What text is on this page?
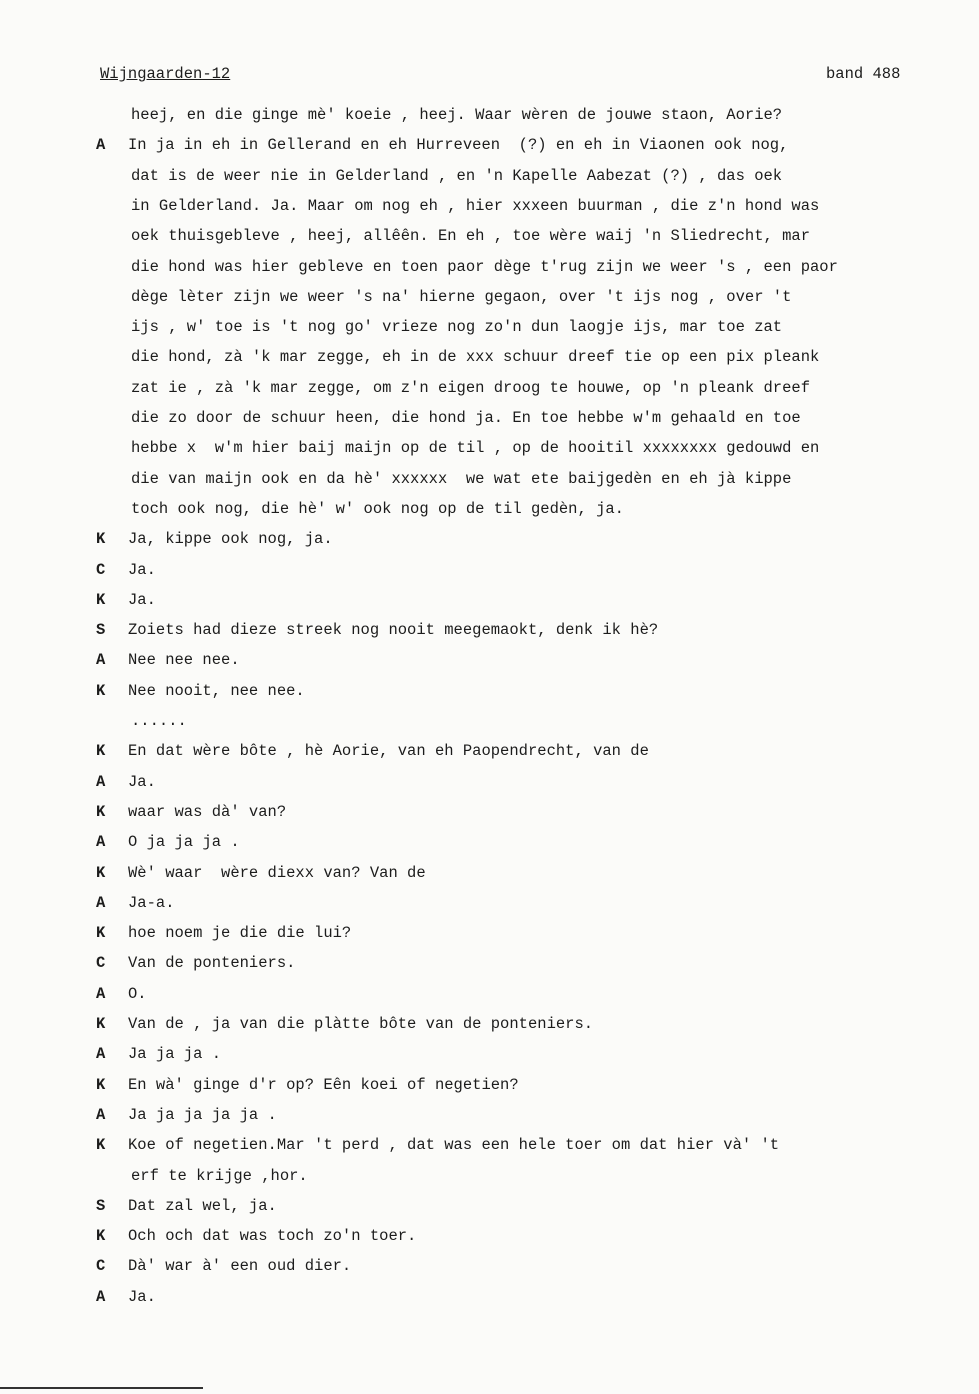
Wijngaarden-12	band 488
heej, en die ginge mè' koeie , heej. Waar wèren de jouwe staon, Aorie?
A	In ja in eh in Gellerand en eh Hurreveen  (?) en eh in Viaonen ook nog,
dat is de weer nie in Gelderland , en 'n Kapelle Aabezat (?) , das oek
in Gelderland. Ja. Maar om nog eh , hier xxxeen buurman , die z'n hond was
oek thuisgebleve , heej, allêên. En eh , toe wère waij 'n Sliedrecht, mar
die hond was hier gebleve en toen paor dège t'rug zijn we weer 's , een paor
dège lèter zijn we weer 's na' hierne gegaon, over 't ijs nog , over 't
ijs , w' toe is 't nog go' vrieze nog zo'n dun laogje ijs, mar toe zat
die hond, zà 'k mar zegge, eh in de xxx schuur dreef tie op een pix pleank
zat ie , zà 'k mar zegge, om z'n eigen droog te houwe, op 'n pleank dreef
die zo door de schuur heen, die hond ja. En toe hebbe w'm gehaald en toe
hebbe x  w'm hier baij maijn op de til , op de hooitil xxxxxxxx gedouwd en
die van maijn ook en da hè' xxxxxx  we wat ete baijgedèn en eh jà kippe
toch ook nog, die hè' w' ook nog op de til gedèn, ja.
K	Ja, kippe ook nog, ja.
C	Ja.
K	Ja.
S	Zoiets had dieze streek nog nooit meegemaokt, denk ik hè?
A	Nee nee nee.
K	Nee nooit, nee nee.
......
K	En dat wère bôte , hè Aorie, van eh Paopendrecht, van de
A	Ja.
K	waar was dà' van?
A	O ja ja ja .
K	Wè' waar  wère diexx van? Van de
A	Ja-a.
K	hoe noem je die die lui?
C	Van de ponteniers.
A	O.
K	Van de , ja van die plàtte bôte van de ponteniers.
A	Ja ja ja .
K	En wà' ginge d'r op? Eên koei of negetien?
A	Ja ja ja ja ja .
K	Koe of negetien.Mar 't perd , dat was een hele toer om dat hier và' 't
erf te krijge ,hor.
S	Dat zal wel, ja.
K	Och och dat was toch zo'n toer.
C	Dà' war à' een oud dier.
A	Ja.
